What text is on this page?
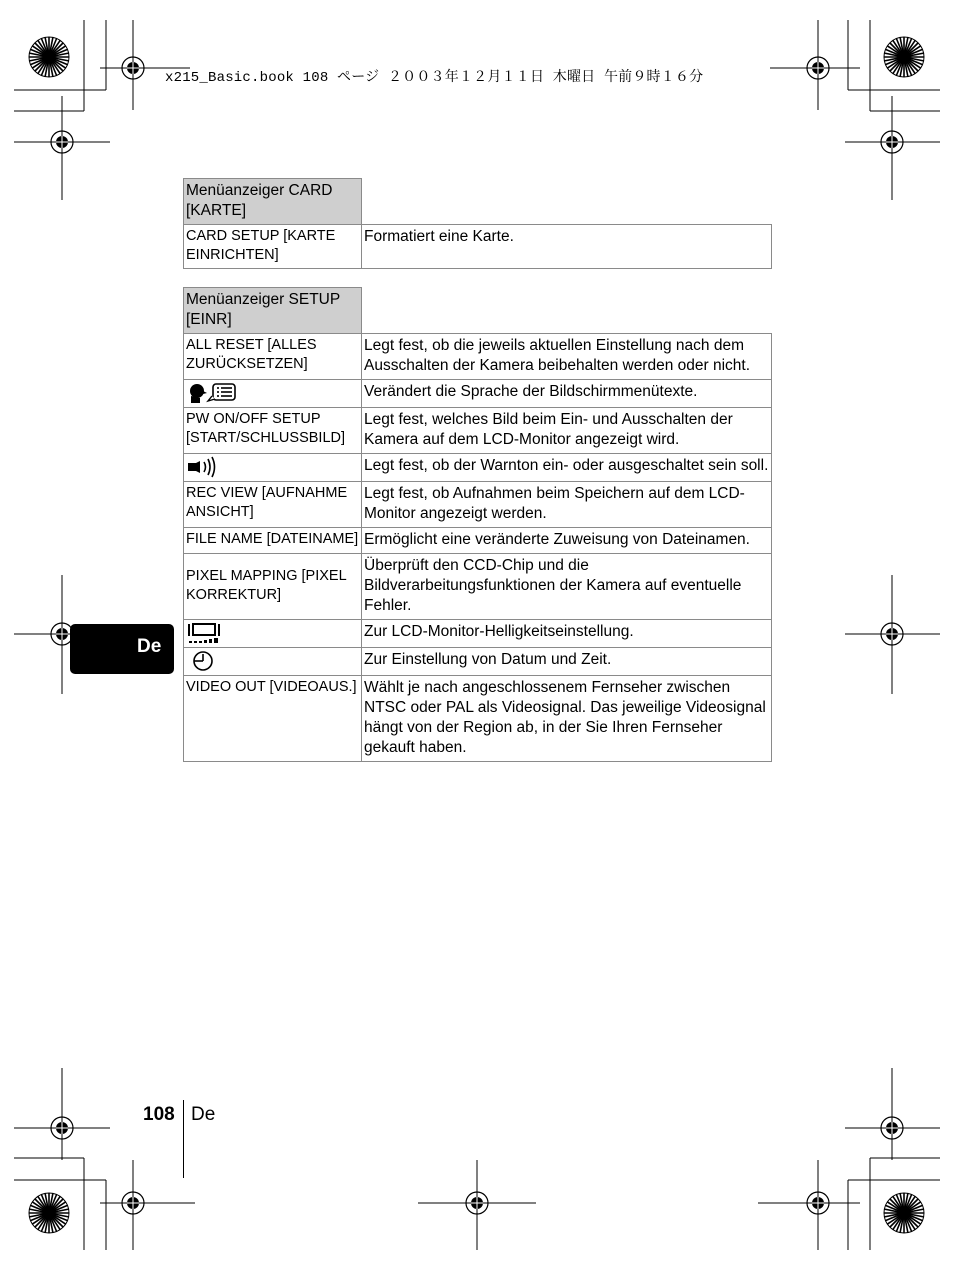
x215_Basic.book 108 ページ ２００３年１２月１１日 木曜日 午前９時１６分
Menüanzeiger CARD [KARTE]	
CARD SETUP [KARTE EINRICHTEN]	Formatiert eine Karte.
Menüanzeiger SETUP [EINR]	
ALL RESET [ALLES ZURÜCKSETZEN]	Legt fest, ob die jeweils aktuellen Einstellung nach dem Ausschalten der Kamera beibehalten werden oder nicht.
	Verändert die Sprache der Bildschirmmenütexte.
PW ON/OFF SETUP [START/SCHLUSSBILD]	Legt fest, welches Bild beim Ein- und Ausschalten der Kamera auf dem LCD-Monitor angezeigt wird.
	Legt fest, ob der Warnton ein- oder ausgeschaltet sein soll.
REC VIEW [AUFNAHME ANSICHT]	Legt fest, ob Aufnahmen beim Speichern auf dem LCD-Monitor angezeigt werden.
FILE NAME [DATEINAME]	Ermöglicht eine veränderte Zuweisung von Dateinamen.
PIXEL MAPPING [PIXEL KORREKTUR]	Überprüft den CCD-Chip und die Bildverarbeitungsfunktionen der Kamera auf eventuelle Fehler.
	Zur LCD-Monitor-Helligkeitseinstellung.
	Zur Einstellung von Datum und Zeit.
VIDEO OUT [VIDEOAUS.]	Wählt je nach angeschlossenem Fernseher zwischen NTSC oder PAL als Videosignal. Das jeweilige Videosignal hängt von der Region ab, in der Sie Ihren Fernseher gekauft haben.
De
108 De
